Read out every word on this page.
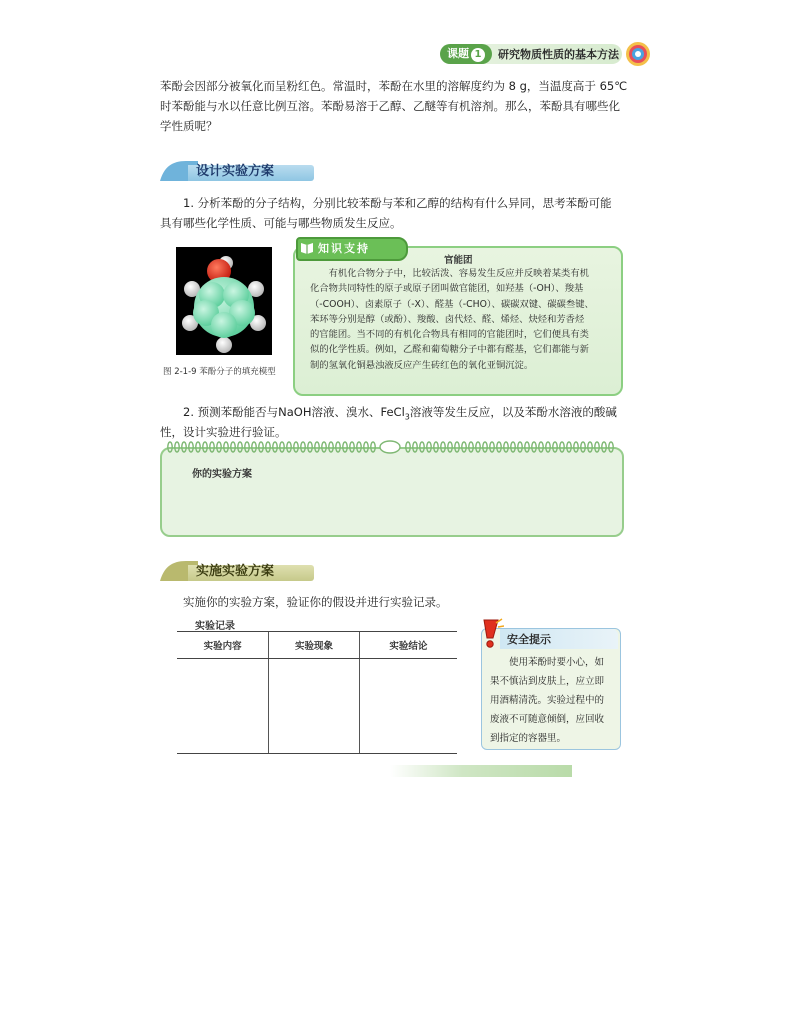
课题 1	研究物质性质的基本方法
苯酚会因部分被氧化而呈粉红色。常温时，苯酚在水里的溶解度约为 8 g，当温度高于 65℃
时苯酚能与水以任意比例互溶。苯酚易溶于乙醇、乙醚等有机溶剂。那么，苯酚具有哪些化
学性质呢？
设计实验方案
1. 分析苯酚的分子结构，分别比较苯酚与苯和乙醇的结构有什么异同，思考苯酚可能
具有哪些化学性质、可能与哪些物质发生反应。
图 2-1-9 苯酚分子的填充模型
知识支持
官能团
有机化合物分子中，比较活泼、容易发生反应并反映着某类有机
化合物共同特性的原子或原子团叫做官能团，如羟基（-OH）、羧基
（-COOH）、卤素原子（-X）、醛基（-CHO）、碳碳双键、碳碳叁键、
苯环等分别是醇（或酚）、羧酸、卤代烃、醛、烯烃、炔烃和芳香烃
的官能团。当不同的有机化合物具有相同的官能团时，它们便具有类
似的化学性质。例如，乙醛和葡萄糖分子中都有醛基，它们都能与新
制的氢氧化铜悬浊液反应产生砖红色的氧化亚铜沉淀。
2. 预测苯酚能否与NaOH溶液、溴水、FeCl$_3$溶液等发生反应，以及苯酚水溶液的酸碱
性，设计实验进行验证。
你的实验方案
实施实验方案
实施你的实验方案，验证你的假设并进行实验记录。
实验记录
实验内容	实验现象	实验结论

安全提示
使用苯酚时要小心，如
果不慎沾到皮肤上，应立即
用酒精清洗。实验过程中的
废液不可随意倾倒，应回收
到指定的容器里。
